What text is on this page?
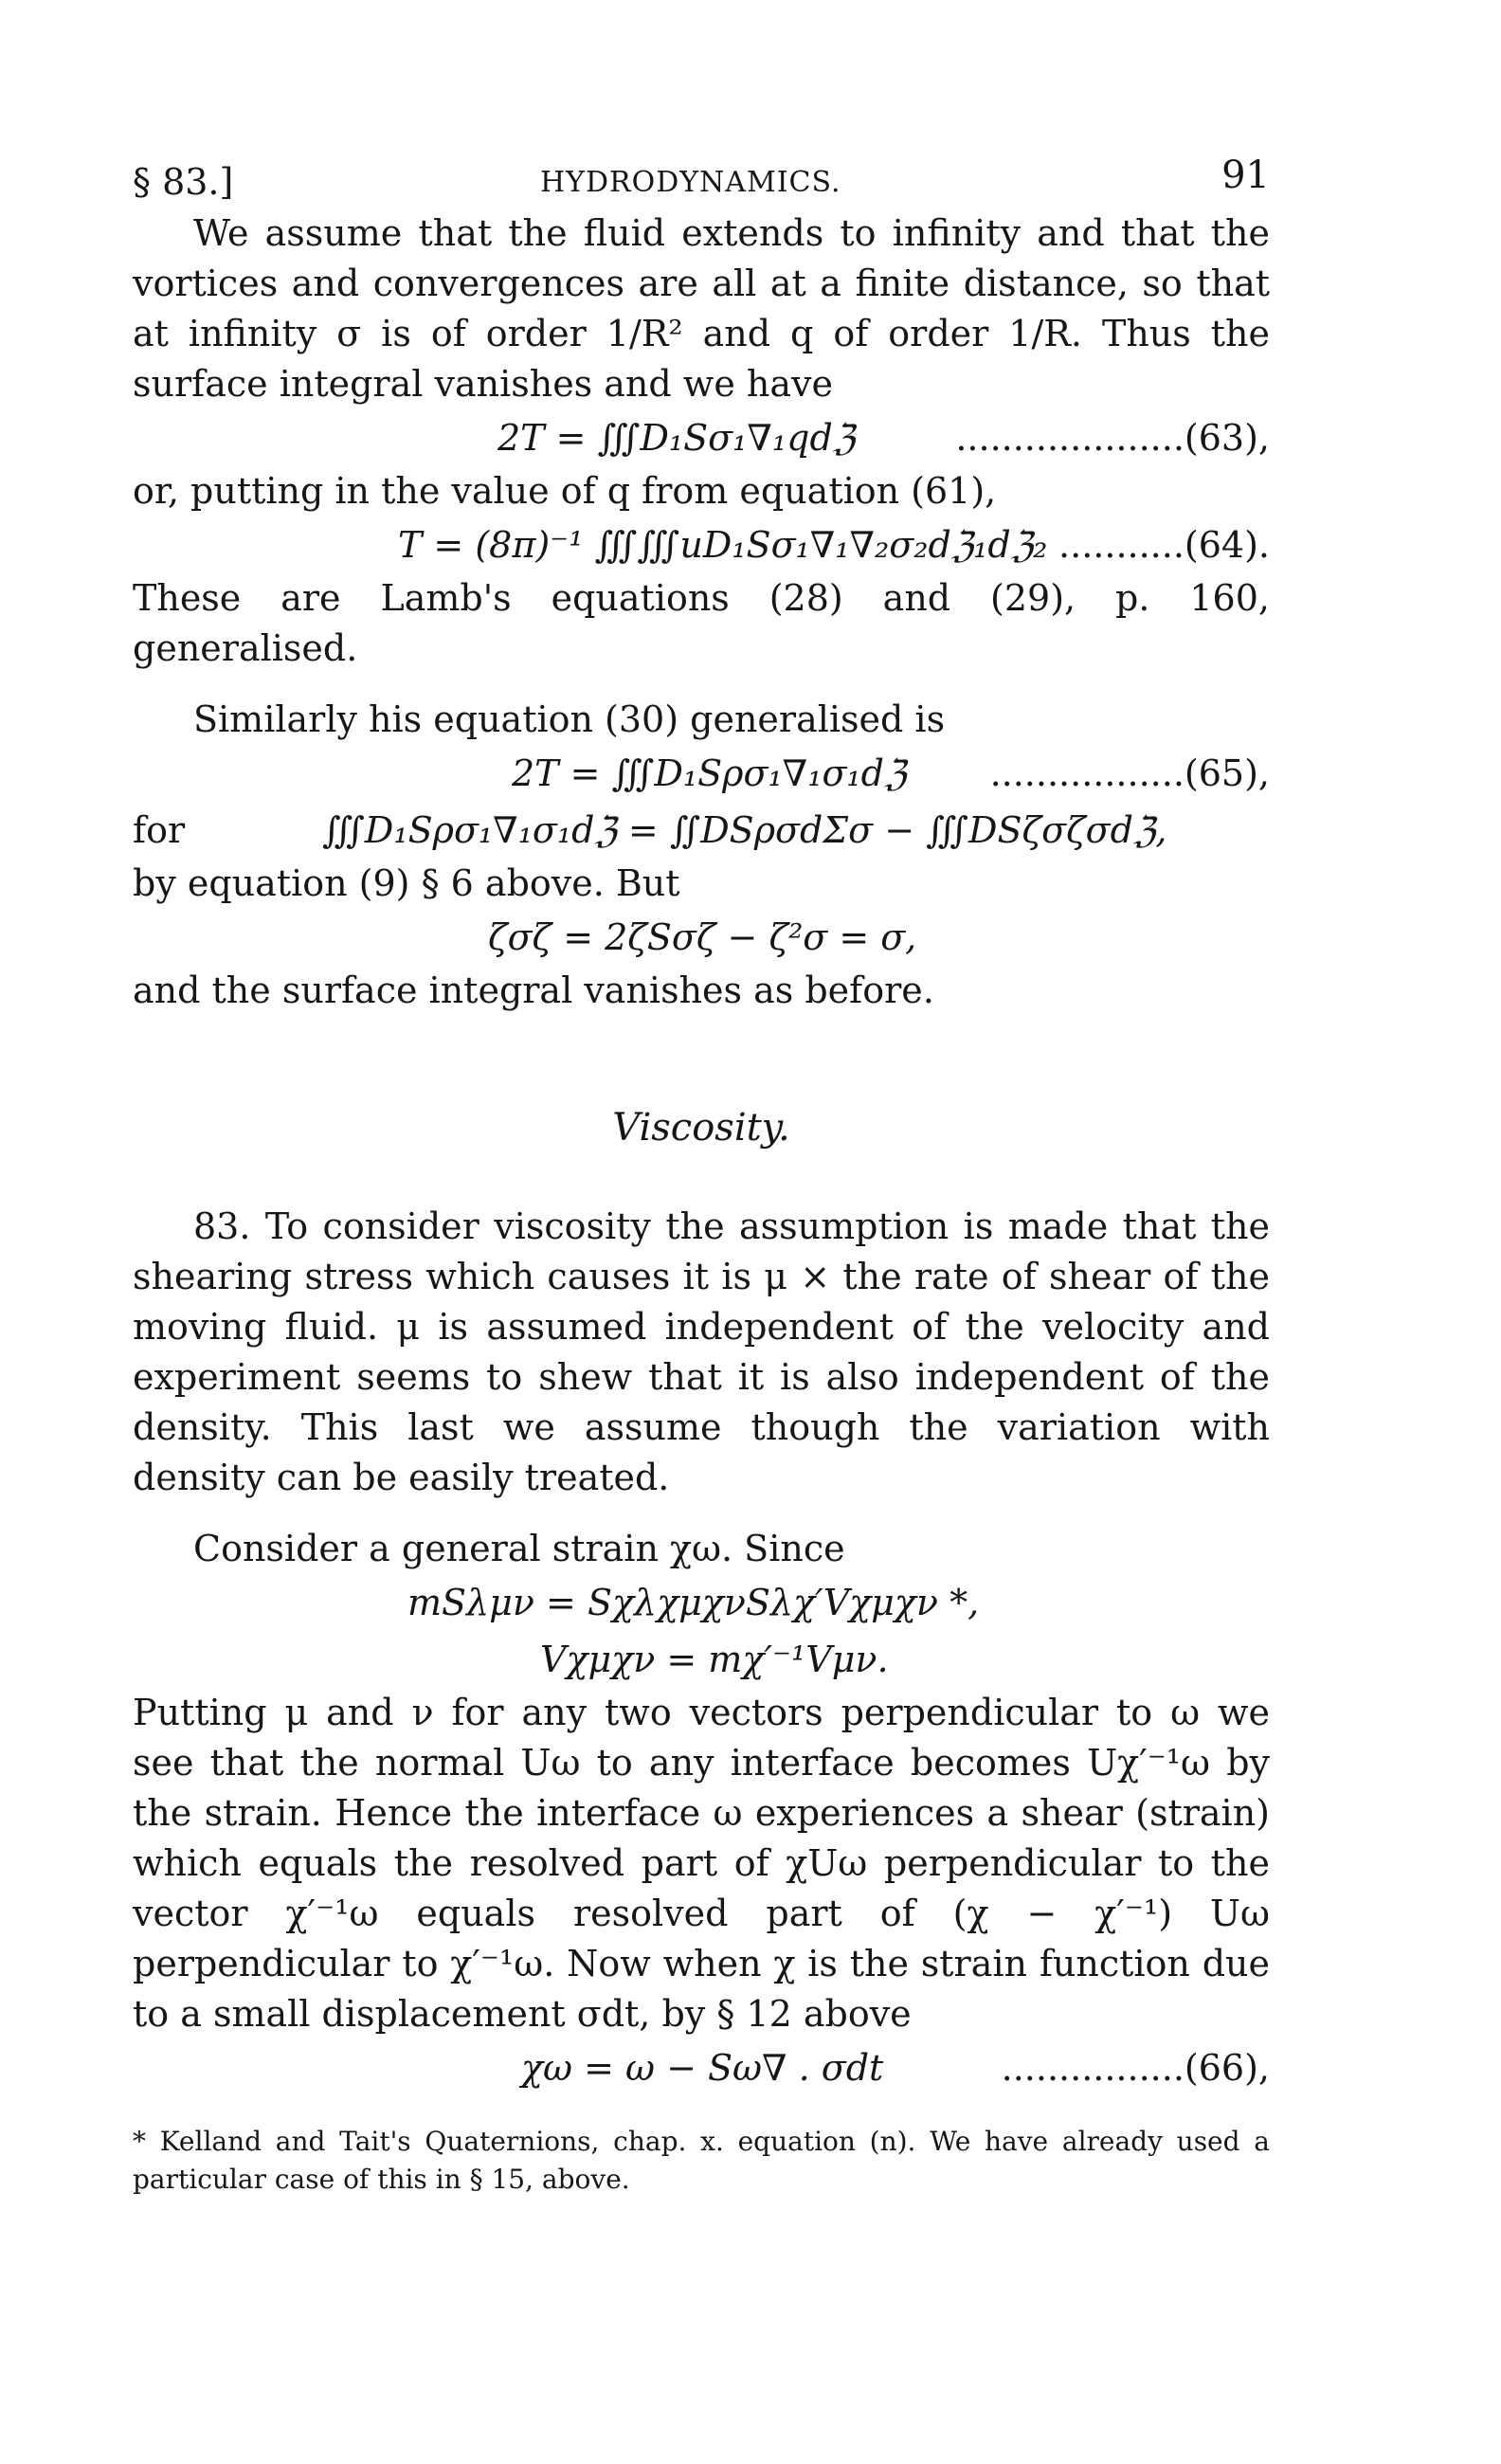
§ 83.]	HYDRODYNAMICS.	91

We assume that the fluid extends to infinity and that the vortices and convergences are all at a finite distance, so that at infinity σ is of order 1/R² and q of order 1/R. Thus the surface integral vanishes and we have

2T = ∭D₁Sσ₁∇₁qdℨ	....................(63),

or, putting in the value of q from equation (61),

T = (8π)⁻¹ ∭∭uD₁Sσ₁∇₁∇₂σ₂dℨ₁dℨ₂ ...........(64).

These are Lamb's equations (28) and (29), p. 160, generalised.

Similarly his equation (30) generalised is

2T = ∭D₁Sρσ₁∇₁σ₁dℨ .................(65),
for	∭D₁Sρσ₁∇₁σ₁dℨ = ∬DSρσdΣσ − ∭DSζσζσdℨ,

by equation (9) § 6 above. But

ζσζ = 2ζSσζ − ζ²σ = σ,

and the surface integral vanishes as before.

Viscosity.

83. To consider viscosity the assumption is made that the shearing stress which causes it is μ × the rate of shear of the moving fluid. μ is assumed independent of the velocity and experiment seems to shew that it is also independent of the density. This last we assume though the variation with density can be easily treated.

Consider a general strain χω. Since

mSλμν = SχλχμχνSλχ′Vχμχν *,
Vχμχν = mχ′⁻¹Vμν.

Putting μ and ν for any two vectors perpendicular to ω we see that the normal Uω to any interface becomes Uχ′⁻¹ω by the strain. Hence the interface ω experiences a shear (strain) which equals the resolved part of χUω perpendicular to the vector χ′⁻¹ω equals resolved part of (χ − χ′⁻¹) Uω perpendicular to χ′⁻¹ω. Now when χ is the strain function due to a small displacement σdt, by § 12 above

χω = ω − Sω∇ . σdt	................(66),
* Kelland and Tait's Quaternions, chap. x. equation (n). We have already used a particular case of this in § 15, above.
